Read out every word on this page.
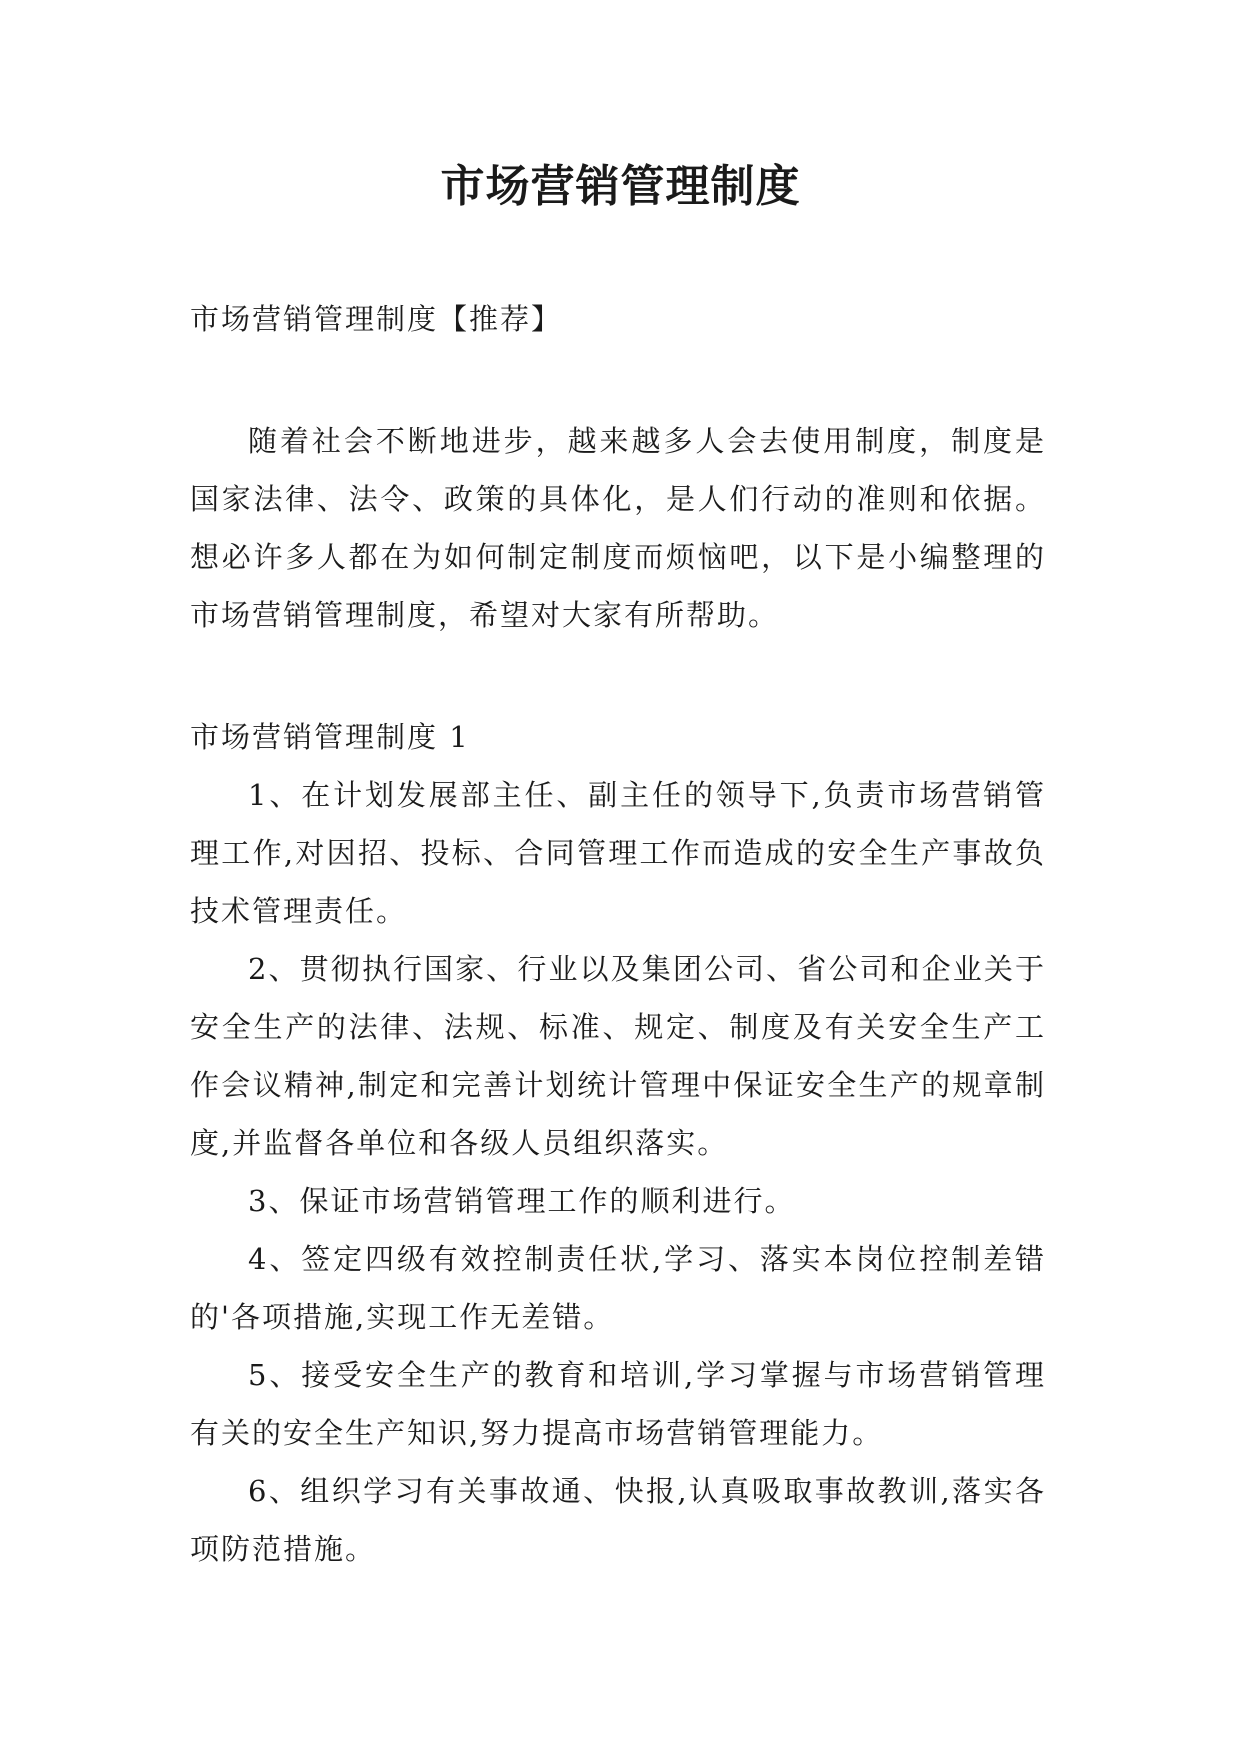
市场营销管理制度

市场营销管理制度【推荐】

随着社会不断地进步，越来越多人会去使用制度，制度是国家法律、法令、政策的具体化，是人们行动的准则和依据。想必许多人都在为如何制定制度而烦恼吧，以下是小编整理的市场营销管理制度，希望对大家有所帮助。

市场营销管理制度 1

1、在计划发展部主任、副主任的领导下,负责市场营销管理工作,对因招、投标、合同管理工作而造成的安全生产事故负技术管理责任。

2、贯彻执行国家、行业以及集团公司、省公司和企业关于安全生产的法律、法规、标准、规定、制度及有关安全生产工作会议精神,制定和完善计划统计管理中保证安全生产的规章制度,并监督各单位和各级人员组织落实。

3、保证市场营销管理工作的顺利进行。

4、签定四级有效控制责任状,学习、落实本岗位控制差错的'各项措施,实现工作无差错。

5、接受安全生产的教育和培训,学习掌握与市场营销管理有关的安全生产知识,努力提高市场营销管理能力。

6、组织学习有关事故通、快报,认真吸取事故教训,落实各项防范措施。
